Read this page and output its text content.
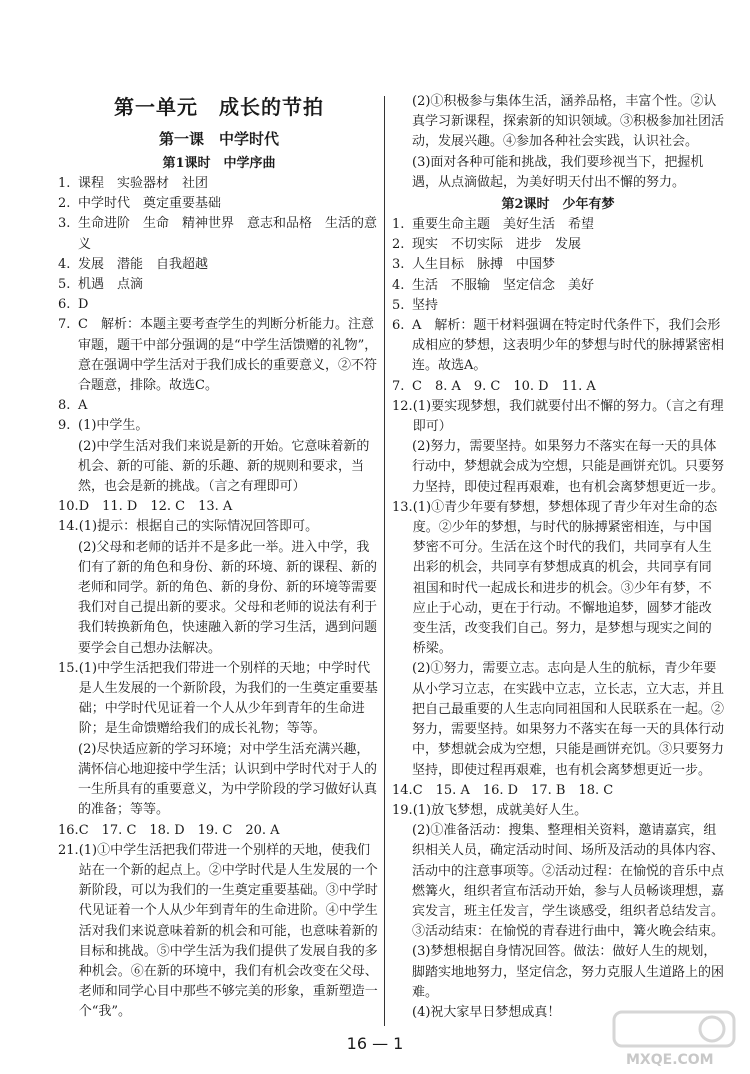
第一单元　成长的节拍
第一课　中学时代
第1课时　中学序曲
1. 课程　实验器材　社团
2. 中学时代　奠定重要基础
3. 生命进阶　生命　精神世界　意志和品格　生活的意义
4. 发展　潜能　自我超越
5. 机遇　点滴
6. D
7. C　解析：本题主要考查学生的判断分析能力。注意审题，题干中部分强调的是“中学生活馈赠的礼物”，意在强调中学生活对于我们成长的重要意义，②不符合题意，排除。故选C。
8. A
9. (1)中学生。
(2)中学生活对我们来说是新的开始。它意味着新的机会、新的可能、新的乐趣、新的规则和要求，当然，也会是新的挑战。（言之有理即可）
10. D　11. D　12. C　13. A
14. (1)提示：根据自己的实际情况回答即可。
(2)父母和老师的话并不是多此一举。进入中学，我们有了新的角色和身份、新的环境、新的课程、新的老师和同学。新的角色、新的身份、新的环境等需要我们对自己提出新的要求。父母和老师的说法有利于我们转换新角色，快速融入新的学习生活，遇到问题要学会自己想办法解决。
15. (1)中学生活把我们带进一个别样的天地；中学时代是人生发展的一个新阶段，为我们的一生奠定重要基础；中学时代见证着一个人从少年到青年的生命进阶；是生命馈赠给我们的成长礼物；等等。
(2)尽快适应新的学习环境；对中学生活充满兴趣，满怀信心地迎接中学生活；认识到中学时代对于人的一生所具有的重要意义，为中学阶段的学习做好认真的准备；等等。
16. C　17. C　18. D　19. C　20. A
21. (1)①中学生活把我们带进一个别样的天地，使我们站在一个新的起点上。②中学时代是人生发展的一个新阶段，可以为我们的一生奠定重要基础。③中学时代见证着一个人从少年到青年的生命进阶。④中学生活对我们来说意味着新的机会和可能，也意味着新的目标和挑战。⑤中学生活为我们提供了发展自我的多种机会。⑥在新的环境中，我们有机会改变在父母、老师和同学心目中那些不够完美的形象，重新塑造一个“我”。
(2)①积极参与集体生活，涵养品格，丰富个性。②认真学习新课程，探索新的知识领域。③积极参加社团活动，发展兴趣。④参加各种社会实践，认识社会。
(3)面对各种可能和挑战，我们要珍视当下，把握机遇，从点滴做起，为美好明天付出不懈的努力。
第2课时　少年有梦
1. 重要生命主题　美好生活　希望
2. 现实　不切实际　进步　发展
3. 人生目标　脉搏　中国梦
4. 生活　不服输　坚定信念　美好
5. 坚持
6. A　解析：题干材料强调在特定时代条件下，我们会形成相应的梦想，这表明少年的梦想与时代的脉搏紧密相连。故选A。
7. C　8. A　9. C　10. D　11. A
12. (1)要实现梦想，我们就要付出不懈的努力。（言之有理即可）
(2)努力，需要坚持。如果努力不落实在每一天的具体行动中，梦想就会成为空想，只能是画饼充饥。只要努力坚持，即使过程再艰难，也有机会离梦想更近一步。
13. (1)①青少年要有梦想，梦想体现了青少年对生命的态度。②少年的梦想，与时代的脉搏紧密相连，与中国梦密不可分。生活在这个时代的我们，共同享有人生出彩的机会，共同享有梦想成真的机会，共同享有同祖国和时代一起成长和进步的机会。③少年有梦，不应止于心动，更在于行动。不懈地追梦，圆梦才能改变生活，改变我们自己。努力，是梦想与现实之间的桥梁。
(2)①努力，需要立志。志向是人生的航标，青少年要从小学习立志，在实践中立志，立长志，立大志，并且把自己最重要的人生志向同祖国和人民联系在一起。②努力，需要坚持。如果努力不落实在每一天的具体行动中，梦想就会成为空想，只能是画饼充饥。③只要努力坚持，即使过程再艰难，也有机会离梦想更近一步。
14. C　15. A　16. D　17. B　18. C
19. (1)放飞梦想，成就美好人生。
(2)①准备活动：搜集、整理相关资料，邀请嘉宾，组织相关人员，确定活动时间、场所及活动的具体内容、活动中的注意事项等。②活动过程：在愉悦的音乐中点燃篝火，组织者宣布活动开始，参与人员畅谈理想，嘉宾发言，班主任发言，学生谈感受，组织者总结发言。③活动结束：在愉悦的青春进行曲中，篝火晚会结束。
(3)梦想根据自身情况回答。做法：做好人生的规划，脚踏实地地努力，坚定信念，努力克服人生道路上的困难。
(4)祝大家早日梦想成真！
16 — 1
MXQE.COM
